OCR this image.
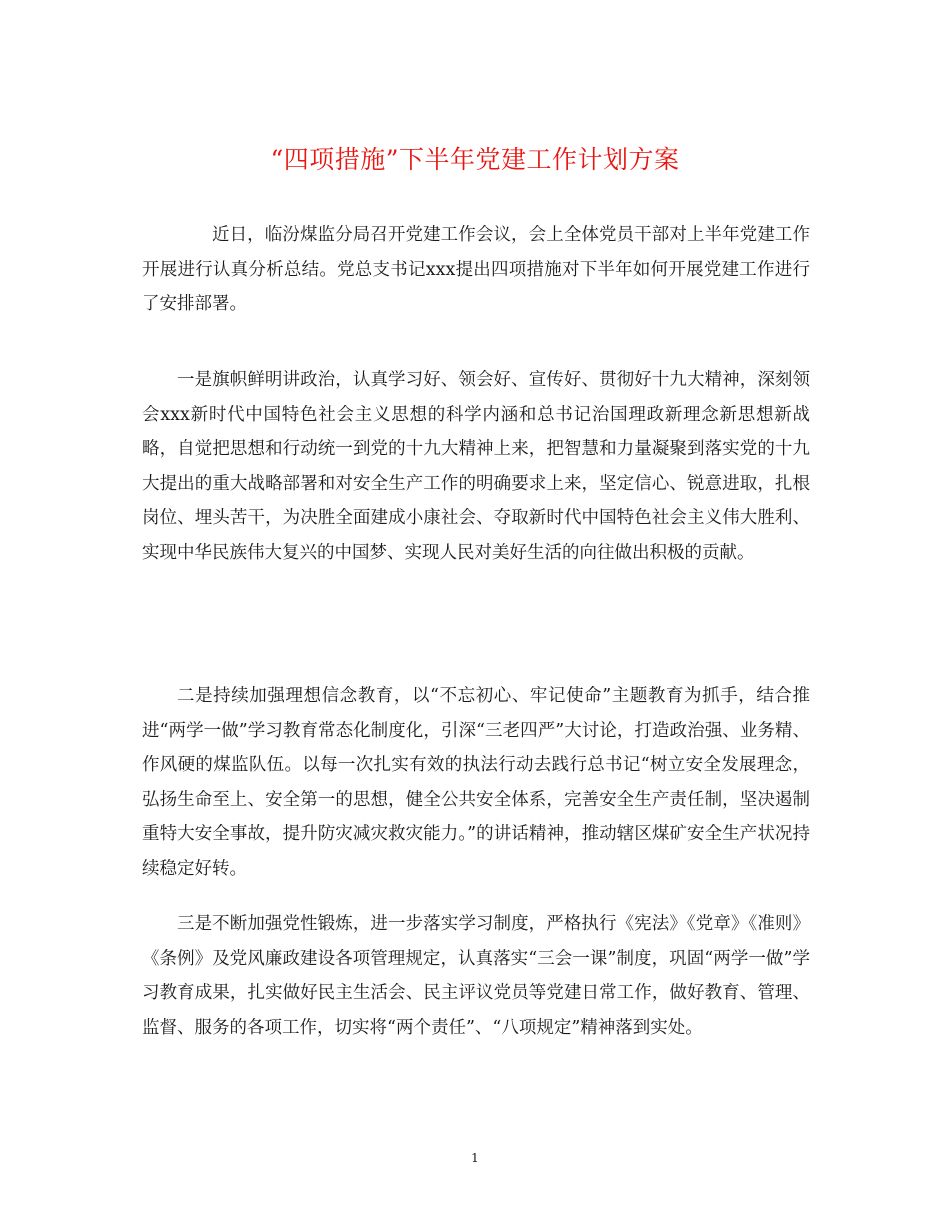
“四项措施”下半年党建工作计划方案

近日，临汾煤监分局召开党建工作会议，会上全体党员干部对上半年党建工作开展进行认真分析总结。党总支书记xxx提出四项措施对下半年如何开展党建工作进行了安排部署。

一是旗帜鲜明讲政治，认真学习好、领会好、宣传好、贯彻好十九大精神，深刻领会xxx新时代中国特色社会主义思想的科学内涵和总书记治国理政新理念新思想新战略，自觉把思想和行动统一到党的十九大精神上来，把智慧和力量凝聚到落实党的十九大提出的重大战略部署和对安全生产工作的明确要求上来，坚定信心、锐意进取，扎根岗位、埋头苦干，为决胜全面建成小康社会、夺取新时代中国特色社会主义伟大胜利、实现中华民族伟大复兴的中国梦、实现人民对美好生活的向往做出积极的贡献。

二是持续加强理想信念教育，以“不忘初心、牢记使命”主题教育为抓手，结合推进“两学一做”学习教育常态化制度化，引深“三老四严”大讨论，打造政治强、业务精、作风硬的煤监队伍。以每一次扎实有效的执法行动去践行总书记“树立安全发展理念，弘扬生命至上、安全第一的思想，健全公共安全体系，完善安全生产责任制，坚决遏制重特大安全事故，提升防灾减灾救灾能力。”的讲话精神，推动辖区煤矿安全生产状况持续稳定好转。

三是不断加强党性锻炼，进一步落实学习制度，严格执行《宪法》《党章》《准则》《条例》及党风廉政建设各项管理规定，认真落实“三会一课”制度，巩固“两学一做”学习教育成果，扎实做好民主生活会、民主评议党员等党建日常工作，做好教育、管理、监督、服务的各项工作，切实将“两个责任”、“八项规定”精神落到实处。

1
